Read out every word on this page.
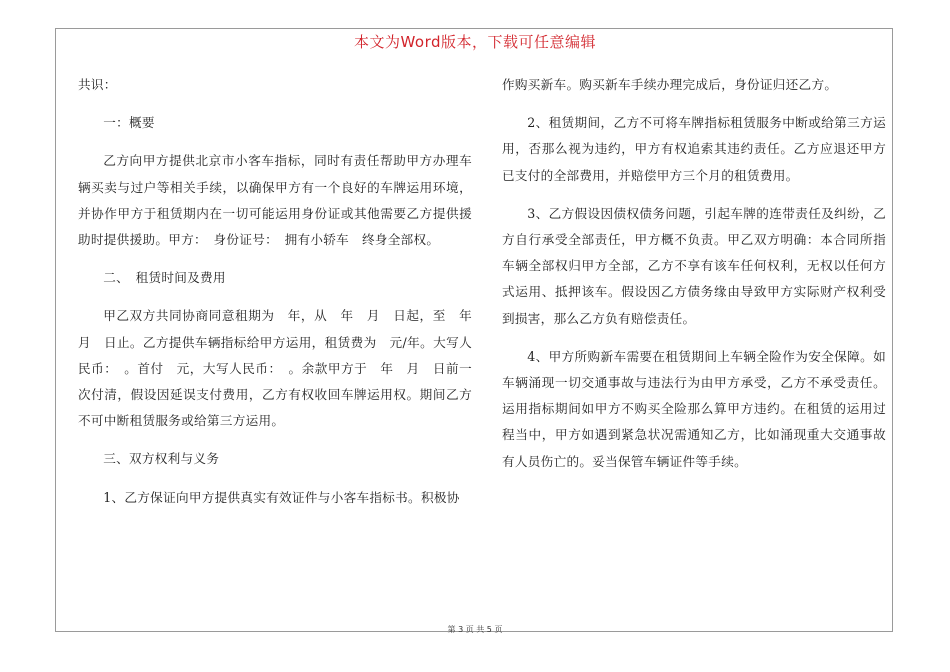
本文为Word版本，下载可任意编辑

共识：

一：概要

乙方向甲方提供北京市小客车指标，同时有责任帮助甲方办理车辆买卖与过户等相关手续，以确保甲方有一个良好的车牌运用环境，并协作甲方于租赁期内在一切可能运用身份证或其他需要乙方提供援助时提供援助。甲方：　身份证号：　拥有小轿车　终身全部权。

二、　租赁时间及费用

甲乙双方共同协商同意租期为　年，从　年　月　日起，至　年　月　日止。乙方提供车辆指标给甲方运用，租赁费为　元/年。大写人民币：　。首付　元，大写人民币：　。余款甲方于　年　月　日前一次付清，假设因延误支付费用，乙方有权收回车牌运用权。期间乙方不可中断租赁服务或给第三方运用。

三、双方权利与义务

1、乙方保证向甲方提供真实有效证件与小客车指标书。积极协

作购买新车。购买新车手续办理完成后，身份证归还乙方。

2、租赁期间，乙方不可将车牌指标租赁服务中断或给第三方运用，否那么视为违约，甲方有权追索其违约责任。乙方应退还甲方已支付的全部费用，并赔偿甲方三个月的租赁费用。

3、乙方假设因债权债务问题，引起车牌的连带责任及纠纷，乙方自行承受全部责任，甲方概不负责。甲乙双方明确：本合同所指车辆全部权归甲方全部，乙方不享有该车任何权利，无权以任何方式运用、抵押该车。假设因乙方债务缘由导致甲方实际财产权利受到损害，那么乙方负有赔偿责任。

4、甲方所购新车需要在租赁期间上车辆全险作为安全保障。如车辆涌现一切交通事故与违法行为由甲方承受，乙方不承受责任。运用指标期间如甲方不购买全险那么算甲方违约。在租赁的运用过程当中，甲方如遇到紧急状况需通知乙方，比如涌现重大交通事故有人员伤亡的。妥当保管车辆证件等手续。

第 3 页 共 5 页
